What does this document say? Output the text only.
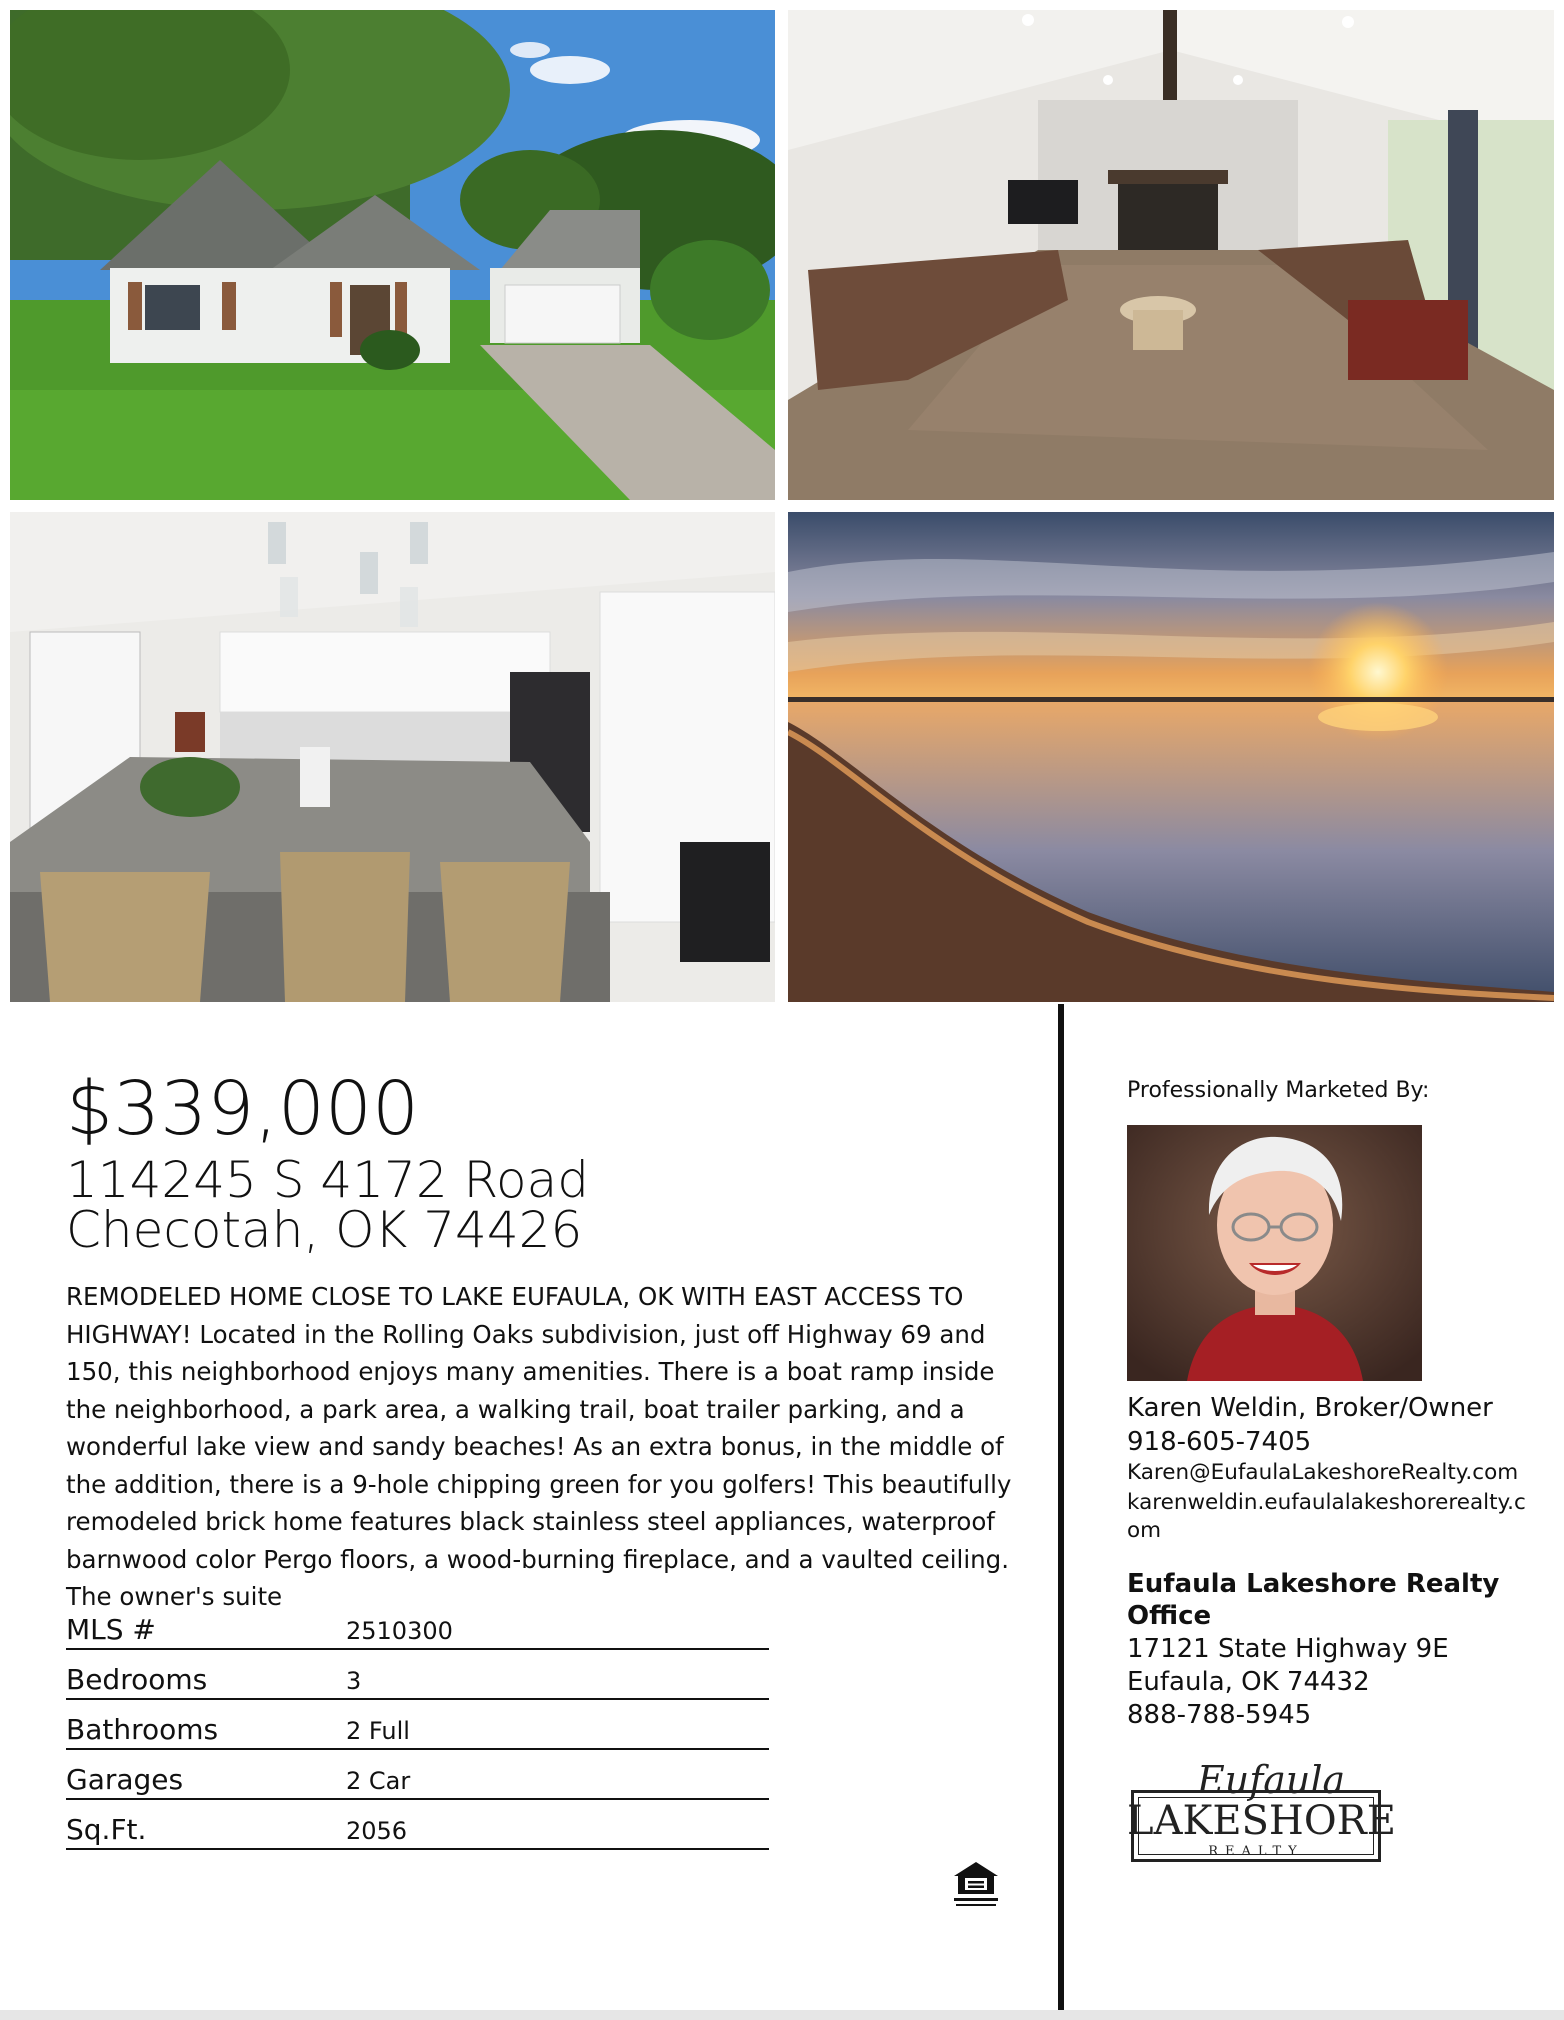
$339,000
114245 S 4172 Road
Checotah, OK 74426
REMODELED HOME CLOSE TO LAKE EUFAULA, OK WITH EAST ACCESS TO HIGHWAY! Located in the Rolling Oaks subdivision, just off Highway 69 and 150, this neighborhood enjoys many amenities. There is a boat ramp inside the neighborhood, a park area, a walking trail, boat trailer parking, and a wonderful lake view and sandy beaches! As an extra bonus, in the middle of the addition, there is a 9-hole chipping green for you golfers! This beautifully remodeled brick home features black stainless steel appliances, waterproof barnwood color Pergo floors, a wood-burning fireplace, and a vaulted ceiling. The owner's suite
MLS #	2510300
Bedrooms	3
Bathrooms	2 Full
Garages	2 Car
Sq.Ft.	2056
Professionally Marketed By:
Karen Weldin, Broker/Owner
918-605-7405
Karen@EufaulaLakeshoreRealty.com
karenweldin.eufaulalakeshorerealty.com
Eufaula Lakeshore Realty Office
17121 State Highway 9E
Eufaula, OK 74432
888-788-5945
Eufaula
LAKESHORE
REALTY
